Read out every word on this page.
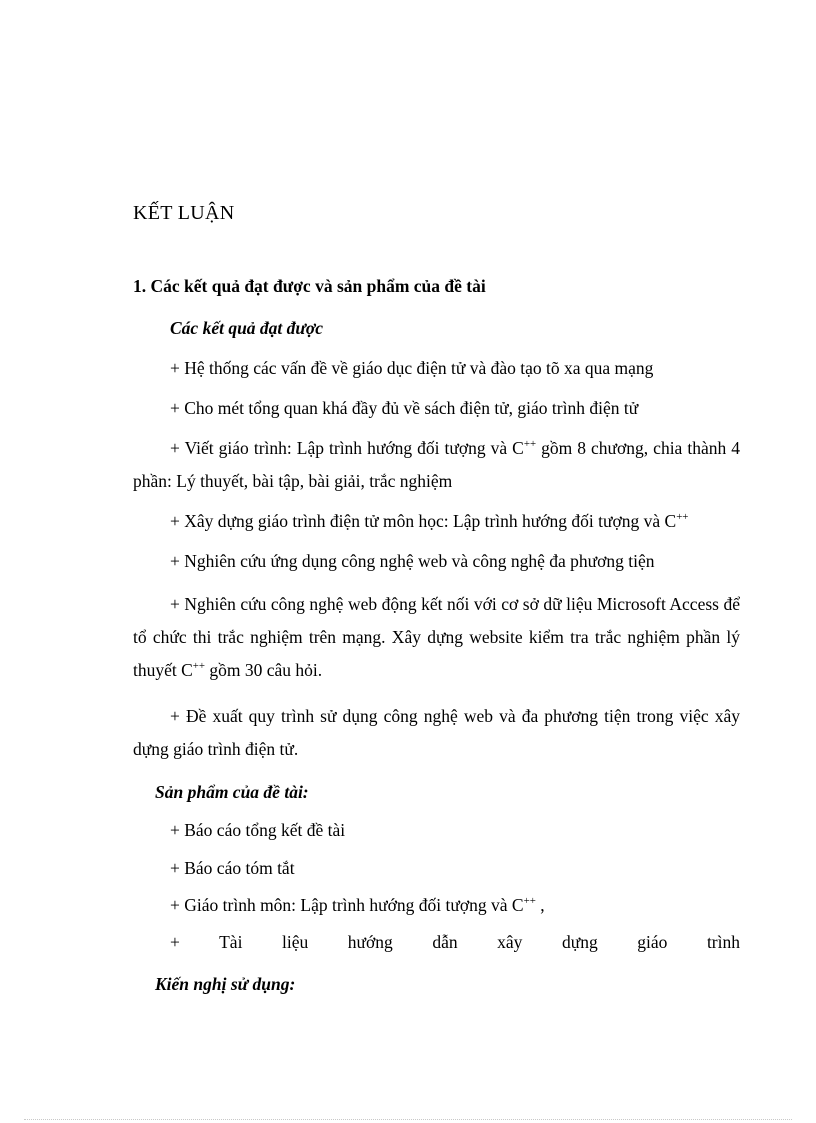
KẾT LUẬN
1. Các kết quả đạt được và sản phẩm của đề tài
Các kết quả đạt được
+ Hệ thống các vấn đề về giáo dục điện tử và đào tạo tõ xa qua mạng
+ Cho mét tổng quan khá đầy đủ về sách điện tử, giáo trình điện tử
+ Viết giáo trình: Lập trình hướng đối tượng và C++ gồm 8 chương, chia thành 4 phần: Lý thuyết, bài tập, bài giải, trắc nghiệm
+ Xây dựng giáo trình điện tử môn học: Lập trình hướng đối tượng và C++
+ Nghiên cứu ứng dụng công nghệ web và công nghệ đa phương tiện
+ Nghiên cứu công nghệ web động kết nối với cơ sở dữ liệu Microsoft Access để tổ chức thi trắc nghiệm trên mạng. Xây dựng website kiểm tra trắc nghiệm phần lý thuyết C++ gồm 30 câu hỏi.
+ Đề xuất quy trình sử dụng công nghệ web và đa phương tiện trong việc xây dựng giáo trình điện tử.
Sản phẩm của đề tài:
+ Báo cáo tổng kết đề tài
+ Báo cáo tóm tắt
+ Giáo trình môn: Lập trình hướng đối tượng và C++ ,
+ Tài liệu hướng dẫn xây dựng giáo trình
Kiến nghị sử dụng:
